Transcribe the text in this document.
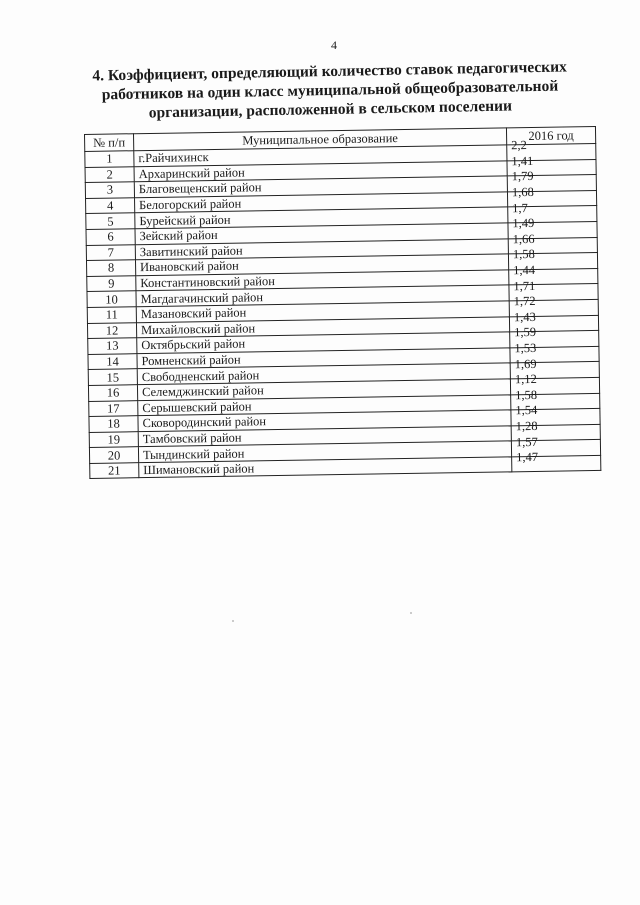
4
4. Коэффициент, определяющий количество ставок педагогических
работников на один класс муниципальной общеобразовательной
организации, расположенной в сельском поселении
№ п/п	Муниципальное образование	2016 год
1	г.Райчихинск	2,2
2	Архаринский район	1,41
3	Благовещенский район	1,79
4	Белогорский район	1,68
5	Бурейский район	1,7
6	Зейский район	1,49
7	Завитинский район	1,66
8	Ивановский район	1,58
9	Константиновский район	1,44
10	Магдагачинский район	1,71
11	Мазановский район	1,72
12	Михайловский район	1,43
13	Октябрьский район	1,59
14	Ромненский район	1,53
15	Свободненский район	1,69
16	Селемджинский район	1,12
17	Серышевский район	1,58
18	Сковородинский район	1,54
19	Тамбовский район	1,28
20	Тындинский район	1,57
21	Шимановский район	1,47
